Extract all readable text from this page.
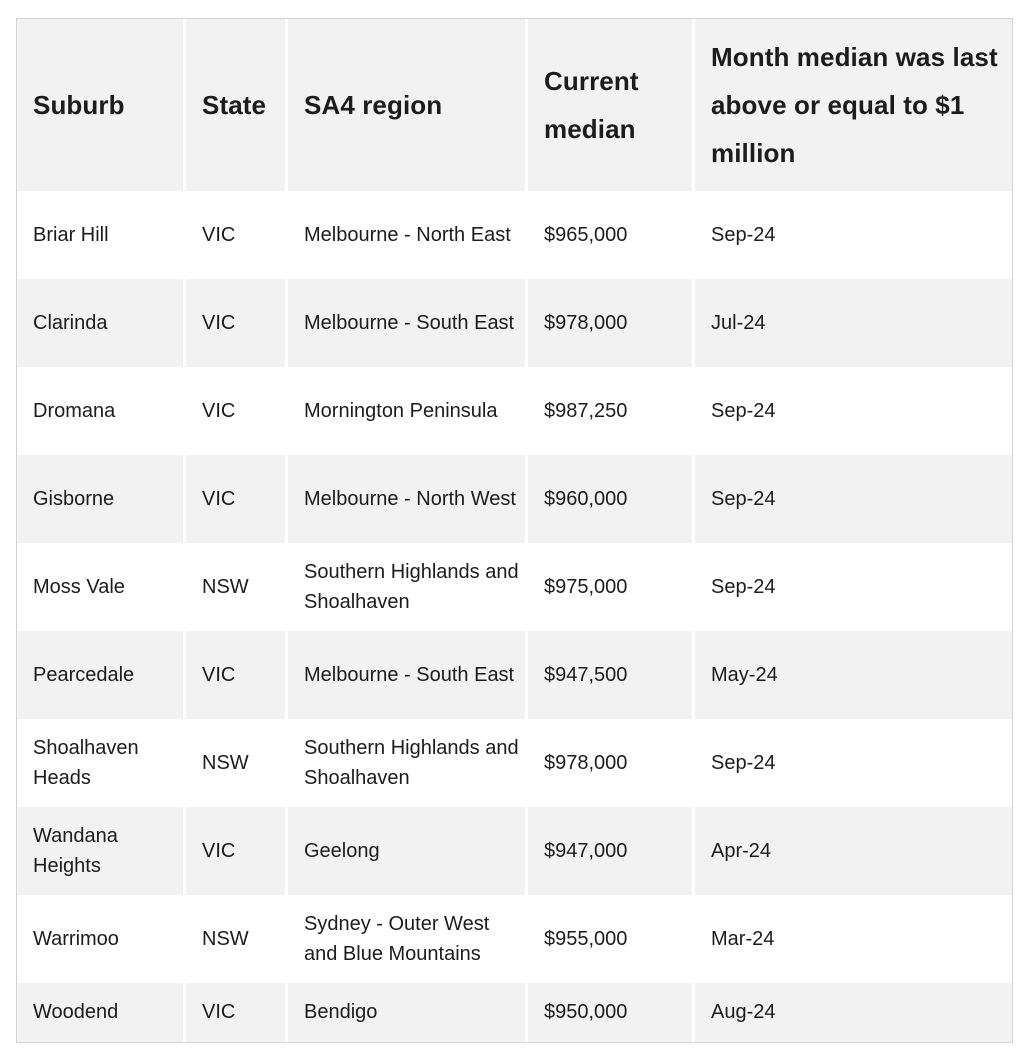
Suburb	State	SA4 region	Current median	Month median was last above or equal to $1 million
Briar Hill	VIC	Melbourne - North East	$965,000	Sep-24
Clarinda	VIC	Melbourne - South East	$978,000	Jul-24
Dromana	VIC	Mornington Peninsula	$987,250	Sep-24
Gisborne	VIC	Melbourne - North West	$960,000	Sep-24
Moss Vale	NSW	Southern Highlands and Shoalhaven	$975,000	Sep-24
Pearcedale	VIC	Melbourne - South East	$947,500	May-24
Shoalhaven Heads	NSW	Southern Highlands and Shoalhaven	$978,000	Sep-24
Wandana Heights	VIC	Geelong	$947,000	Apr-24
Warrimoo	NSW	Sydney - Outer West and Blue Mountains	$955,000	Mar-24
Woodend	VIC	Bendigo	$950,000	Aug-24
